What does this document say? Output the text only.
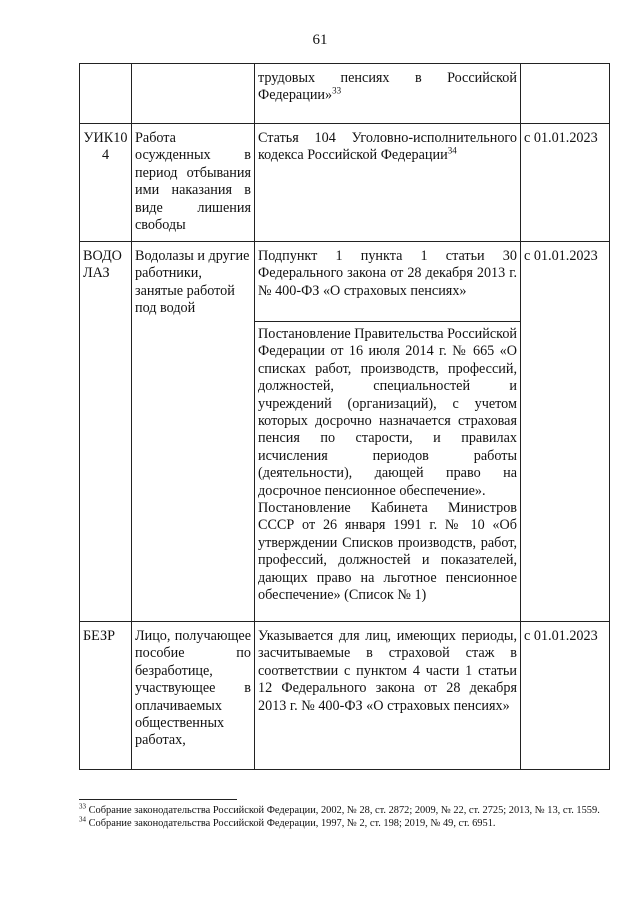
61
		трудовых пенсиях в Российской Федерации»$^{33}$	
УИК104	Работа осужденных в период отбывания ими наказания в виде лишения свободы	Статья 104 Уголовно-исполнительного кодекса Российской Федерации$^{34}$	с 01.01.2023
ВОДОЛАЗ	Водолазы и другие работники, занятые работой под водой	Подпункт 1 пункта 1 статьи 30 Федерального закона от 28 декабря 2013 г. № 400-ФЗ «О страховых пенсиях»	с 01.01.2023

		Постановление Правительства Российской Федерации от 16 июля 2014 г. № 665 «О списках работ, производств, профессий, должностей, специальностей и учреждений (организаций), с учетом которых досрочно назначается страховая пенсия по старости, и правилах исчисления периодов работы (деятельности), дающей право на досрочное пенсионное обеспечение».
Постановление Кабинета Министров СССР от 26 января 1991 г. № 10 «Об утверждении Списков производств, работ, профессий, должностей и показателей, дающих право на льготное пенсионное обеспечение» (Список № 1)	

БЕЗР	Лицо, получающее пособие по безработице, участвующее в оплачиваемых общественных работах,	Указывается для лиц, имеющих периоды, засчитываемые в страховой стаж в соответствии с пунктом 4 части 1 статьи 12 Федерального закона от 28 декабря 2013 г. № 400-ФЗ «О страховых пенсиях»	с 01.01.2023
$^{33}$ Собрание законодательства Российской Федерации, 2002, № 28, ст. 2872; 2009, № 22, ст. 2725; 2013, № 13, ст. 1559.
$^{34}$ Собрание законодательства Российской Федерации, 1997, № 2, ст. 198; 2019, № 49, ст. 6951.
